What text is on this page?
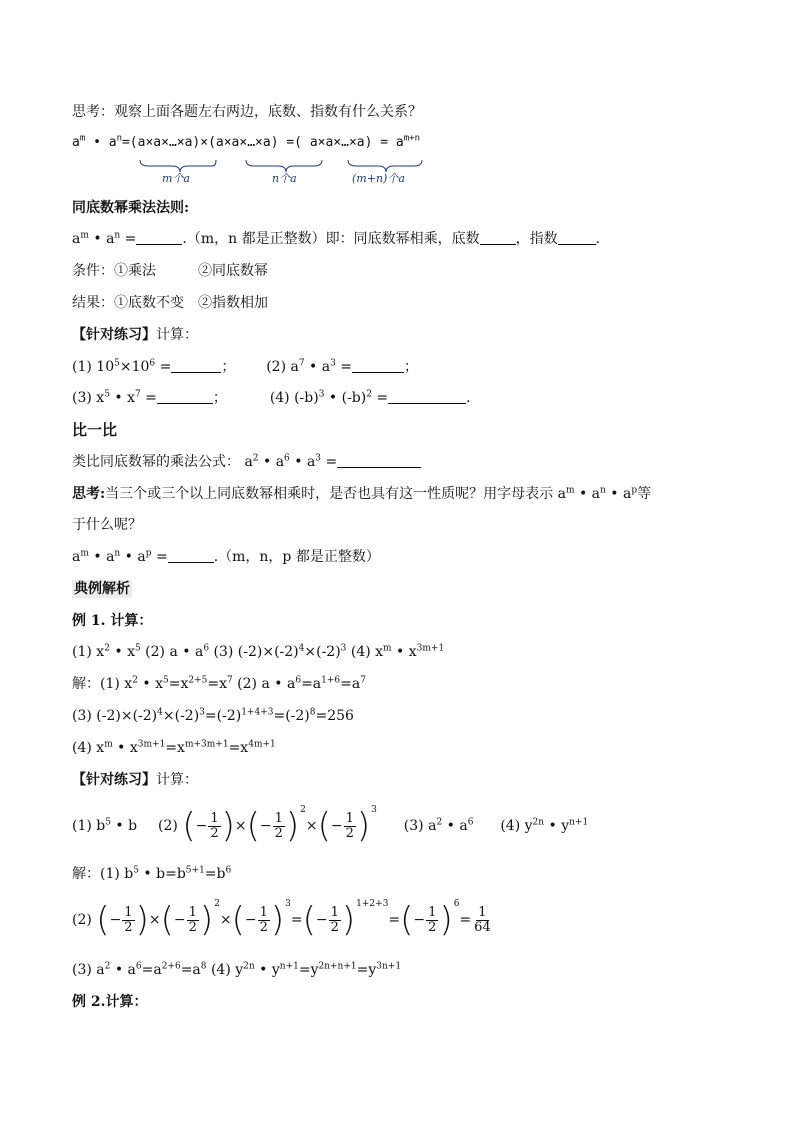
思考：观察上面各题左右两边，底数、指数有什么关系？
$a^m$ • $a^n=(a\times a\times\dots\times a)\times(a\times a\times\dots\times a)$ =( a×a×…×a) = $a^{m+n}$
m个a	n个a	(m+n)个a
同底数幂乘法法则:
$a^m$ • $a^n$ =	.（m，n 都是正整数）即：同底数幂相乘，底数	，指数	.
条件：①乘法　　　②同底数幂
结果：①底数不变　②指数相加
【针对练习】计算：
(1) $10^5\times 10^6$ =	； (2) $a^7$ • $a^3$ =	；
(3) $x^5$ • $x^7$ =	；	(4) $(-b)^3$ • $(-b)^2$ =	.
比一比
类比同底数幂的乘法公式： $a^2$ • $a^6$ • $a^3$ =
思考:当三个或三个以上同底数幂相乘时，是否也具有这一性质呢？用字母表示 $a^m$ • $a^n$ • $a^p$等
于什么呢？
$a^m$ • $a^n$ • $a^p$ =	.（m，n，p 都是正整数）
典例解析
例 1. 计算：
(1) $x^2$ • $x^5$ (2) a • $a^6$ (3) $(-2)\times(-2)^4\times(-2)^3$ (4) $x^m$ • $x^{3m+1}$
解：(1) $x^2$ • $x^5=x^{2+5}=x^7$ (2) a • $a^6=a^{1+6}=a^7$
(3) $(-2)\times(-2)^4\times(-2)^3=(-2)^{1+4+3}=(-2)^8=256$
(4) $x^m$ • $x^{3m+1}=x^{m+3m+1}=x^{4m+1}$
【针对练习】计算：
(1) $b^5$ • b (2) ( − $\frac{1}{2}$ ) × ( − $\frac{1}{2}$ ) 2
× ( − $\frac{1}{2}$ ) 3
(3) $a^2$ • $a^6$ (4) $y^{2n}$ • $y^{n+1}$
解：(1) $b^5$ • $b=b^{5+1}=b^6$
(2) ( − $\frac{1}{2}$ ) × ( − $\frac{1}{2}$ ) 2
× ( − $\frac{1}{2}$ ) 3
= ( − $\frac{1}{2}$ ) 1+2+3
= ( − $\frac{1}{2}$ ) 6
= $\frac{1}{64}$
(3) $a^2$ • $a^6=a^{2+6}=a^8$ (4) $y^{2n}$ • $y^{n+1}=y^{2n+n+1}=y^{3n+1}$
例 2.计算：
